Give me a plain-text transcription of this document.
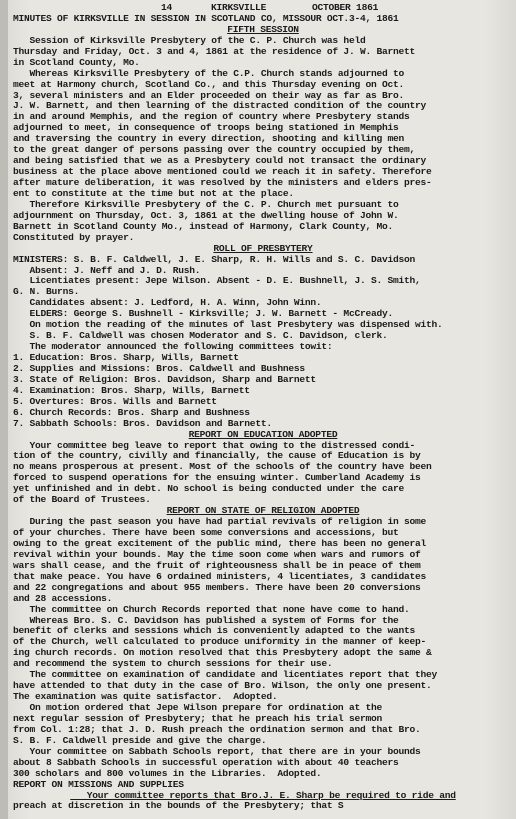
14	KIRKSVILLE	OCTOBER 1861
MINUTES OF KIRKSVILLE IN SESSION IN SCOTLAND CO, MISSOUR OCT.3-4, 1861
FIFTH SESSION
Session of Kirksville Presbytery of the C. P. Church was held
Thursday and Friday, Oct. 3 and 4, 1861 at the residence of J. W. Barnett
in Scotland County, Mo.
Whereas Kirksville Presbytery of the C.P. Church stands adjourned to
meet at Harmony church, Scotland Co., and this Thursday evening on Oct.
3, several ministers and an Elder proceeded on their way as far as Bro.
J. W. Barnett, and then learning of the distracted condition of the country
in and around Memphis, and the region of country where Presbytery stands
adjourned to meet, in consequence of troops being stationed in Memphis
and traversing the country in every direction, shooting and killing men
to the great danger of persons passing over the country occupied by them,
and being satisfied that we as a Presbytery could not transact the ordinary
business at the place above mentioned could we reach it in safety. Therefore
after mature deliberation, it was resolved by the ministers and elders pres-
ent to constitute at the time but not at the place.
Therefore Kirksville Presbytery of the C. P. Church met pursuant to
adjournment on Thursday, Oct. 3, 1861 at the dwelling house of John W.
Barnett in Scotland County Mo., instead of Harmony, Clark County, Mo.
Constituted by prayer.
ROLL OF PRESBYTERY
MINISTERS: S. B. F. Caldwell, J. E. Sharp, R. H. Wills and S. C. Davidson
Absent: J. Neff and J. D. Rush.
Licentiates present: Jepe Wilson. Absent - D. E. Bushnell, J. S. Smith,
G. N. Burns.
Candidates absent: J. Ledford, H. A. Winn, John Winn.
ELDERS: George S. Bushnell - Kirksville; J. W. Barnett - McCready.
On motion the reading of the minutes of last Presbytery was dispensed with.
S. B. F. Caldwell was chosen Moderator and S. C. Davidson, clerk.
The moderator announced the following committees towit:
1. Education: Bros. Sharp, Wills, Barnett
2. Supplies and Missions: Bros. Caldwell and Bushness
3. State of Religion: Bros. Davidson, Sharp and Barnett
4. Examination: Bros. Sharp, Wills, Barnett
5. Overtures: Bros. Wills and Barnett
6. Church Records: Bros. Sharp and Bushness
7. Sabbath Schools: Bros. Davidson and Barnett.
REPORT ON EDUCATION ADOPTED
Your committee beg leave to report that owing to the distressed condi-
tion of the country, civilly and financially, the cause of Education is by
no means prosperous at present. Most of the schools of the country have been
forced to suspend operations for the ensuing winter. Cumberland Academy is
yet unfinished and in debt. No school is being conducted under the care
of the Board of Trustees.
REPORT ON STATE OF RELIGION ADOPTED
During the past season you have had partial revivals of religion in some
of your churches. There have been some conversions and accessions, but
owing to the great excitement of the public mind, there has been no general
revival within your bounds. May the time soon come when wars and rumors of
wars shall cease, and the fruit of righteousness shall be in peace of them
that make peace. You have 6 ordained ministers, 4 licentiates, 3 candidates
and 22 congregations and about 955 members. There have been 20 conversions
and 28 accessions.
The committee on Church Records reported that none have come to hand.
Whereas Bro. S. C. Davidson has published a system of Forms for the
benefit of clerks and sessions which is conveniently adapted to the wants
of the Church, well calculated to produce uniformity in the manner of keep-
ing church records. On motion resolved that this Presbytery adopt the same &
and recommend the system to church sessions for their use.
The committee on examination of candidate and licentiates report that they
have attended to that duty in the case of Bro. Wilson, the only one present.
The examination was quite satisfactor.  Adopted.
On motion ordered that Jepe Wilson prepare for ordination at the
next regular session of Presbytery; that he preach his trial sermon
from Col. 1:28; that J. D. Rush preach the ordination sermon and that Bro.
S. B. F. Caldwell preside and give the charge.
Your committee on Sabbath Schools report, that there are in your bounds
about 8 Sabbath Schools in successful operation with about 40 teachers
300 scholars and 800 volumes in the Libraries.  Adopted.
REPORT ON MISSIONS AND SUPPLIES
Your committee reports that Bro.J. E. Sharp be required to ride and
preach at discretion in the bounds of the Presbytery; that S
